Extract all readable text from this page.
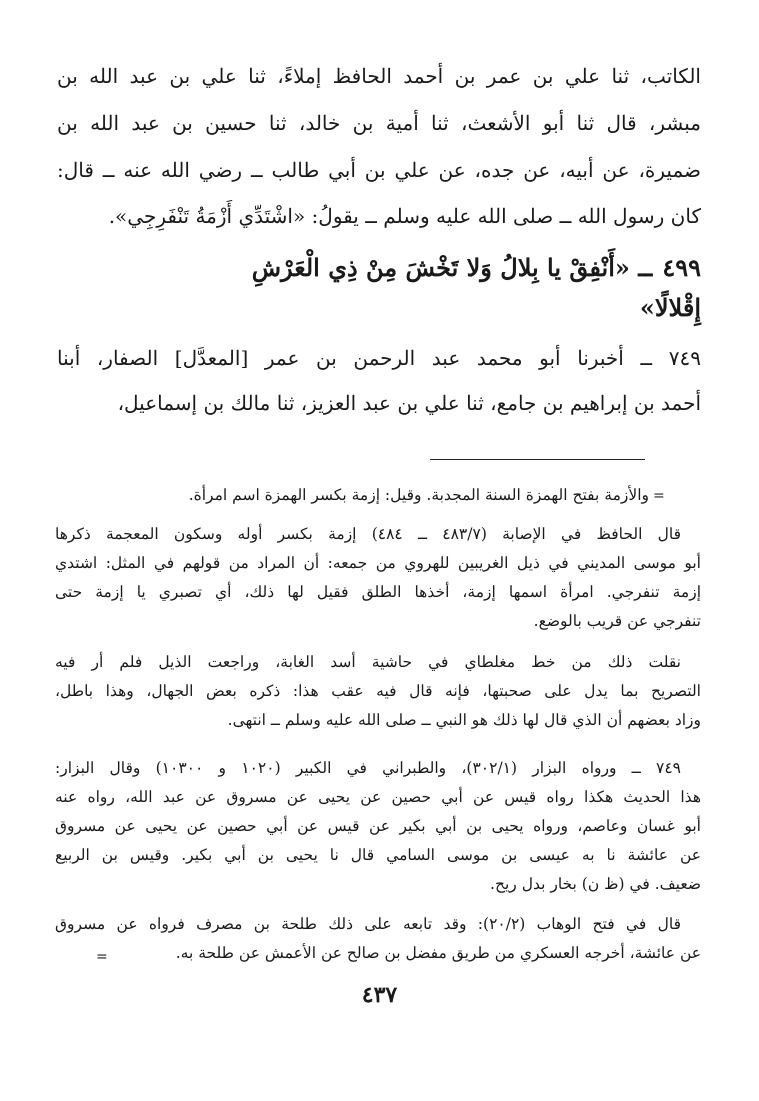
الكاتب، ثنا علي بن عمر بن أحمد الحافظ إملاءً، ثنا علي بن عبد الله بن
مبشر، قال ثنا أبو الأشعث، ثنا أمية بن خالد، ثنا حسين بن عبد الله بن
ضميرة، عن أبيه، عن جده، عن علي بن أبي طالب ــ رضي الله عنه ــ قال:
كان رسول الله ــ صلى الله عليه وسلم ــ يقولُ: «اشْتَدِّي أَزْمَةُ تَنْفَرِجِي».
٤٩٩ــ «أَنْفِقْ يا بِلالُ وَلا تَخْشَ مِنْ ذِي الْعَرْشِ
إِقْلالًا»
٧٤٩ ــ أخبرنا أبو محمد عبد الرحمن بن عمر [المعدَّل] الصفار، أبنا
أحمد بن إبراهيم بن جامع، ثنا علي بن عبد العزيز، ثنا مالك بن إسماعيل،
=
والأزمة بفتح الهمزة السنة المجدبة. وقيل: إزمة بكسر الهمزة اسم امرأة.
قال الحافظ في الإصابة (٤٨٣/٧ ــ ٤٨٤) إزمة بكسر أوله وسكون المعجمة ذكرها
أبو موسى المديني في ذيل الغريبين للهروي من جمعه: أن المراد من قولهم في المثل: اشتدي
إزمة تنفرجي. امرأة اسمها إزمة، أخذها الطلق فقيل لها ذلك، أي تصبري يا إزمة حتى
تنفرجي عن قريب بالوضع.
نقلت ذلك من خط مغلطاي في حاشية أسد الغابة، وراجعت الذيل فلم أر فيه
التصريح بما يدل على صحبتها، فإنه قال فيه عقب هذا: ذكره بعض الجهال، وهذا باطل،
وزاد بعضهم أن الذي قال لها ذلك هو النبي ــ صلى الله عليه وسلم ــ انتهى.
٧٤٩ ــ ورواه البزار (٣٠٢/١)، والطبراني في الكبير (١٠٢٠ و ١٠٣٠٠) وقال البزار:
هذا الحديث هكذا رواه قيس عن أبي حصين عن يحيى عن مسروق عن عبد الله، رواه عنه
أبو غسان وعاصم، ورواه يحيى بن أبي بكير عن قيس عن أبي حصين عن يحيى عن مسروق
عن عائشة نا به عيسى بن موسى السامي قال نا يحيى بن أبي بكير. وقيس بن الربيع
ضعيف. في (ظ ن) بخار بدل ريح.
قال في فتح الوهاب (٢٠/٢): وقد تابعه على ذلك طلحة بن مصرف فرواه عن مسروق
عن عائشة، أخرجه العسكري من طريق مفضل بن صالح عن الأعمش عن طلحة به.
=
٤٣٧
